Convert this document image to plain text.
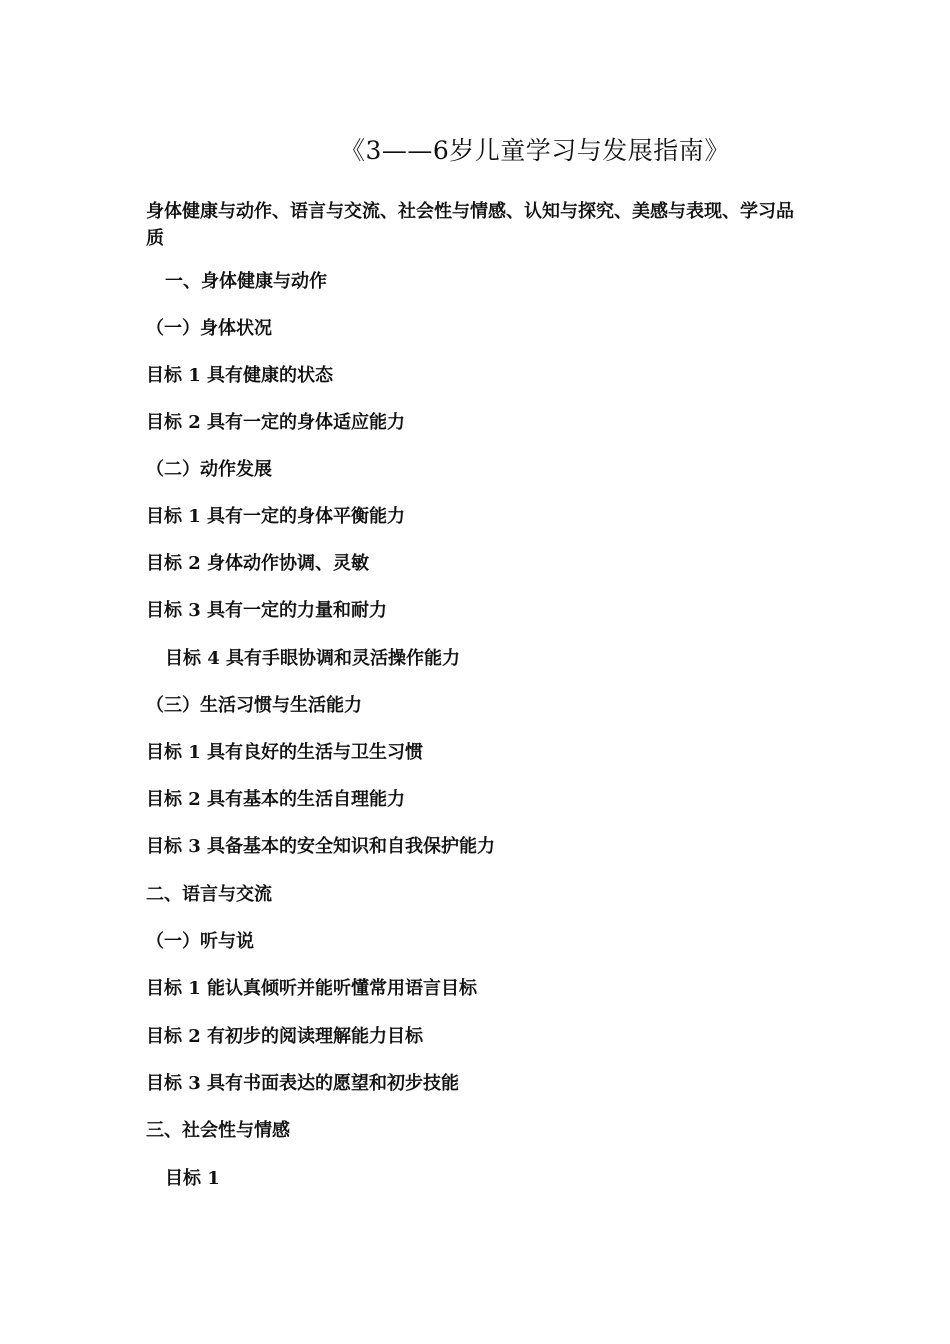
《3——6岁儿童学习与发展指南》
身体健康与动作、语言与交流、社会性与情感、认知与探究、美感与表现、学习品质
一、身体健康与动作
（一）身体状况
目标 1 具有健康的状态
目标 2 具有一定的身体适应能力
（二）动作发展
目标 1 具有一定的身体平衡能力
目标 2 身体动作协调、灵敏
目标 3 具有一定的力量和耐力
目标 4 具有手眼协调和灵活操作能力
（三）生活习惯与生活能力
目标 1 具有良好的生活与卫生习惯
目标 2 具有基本的生活自理能力
目标 3 具备基本的安全知识和自我保护能力
二、语言与交流
（一）听与说
目标 1 能认真倾听并能听懂常用语言目标
目标 2 有初步的阅读理解能力目标
目标 3 具有书面表达的愿望和初步技能
三、社会性与情感
目标 1
